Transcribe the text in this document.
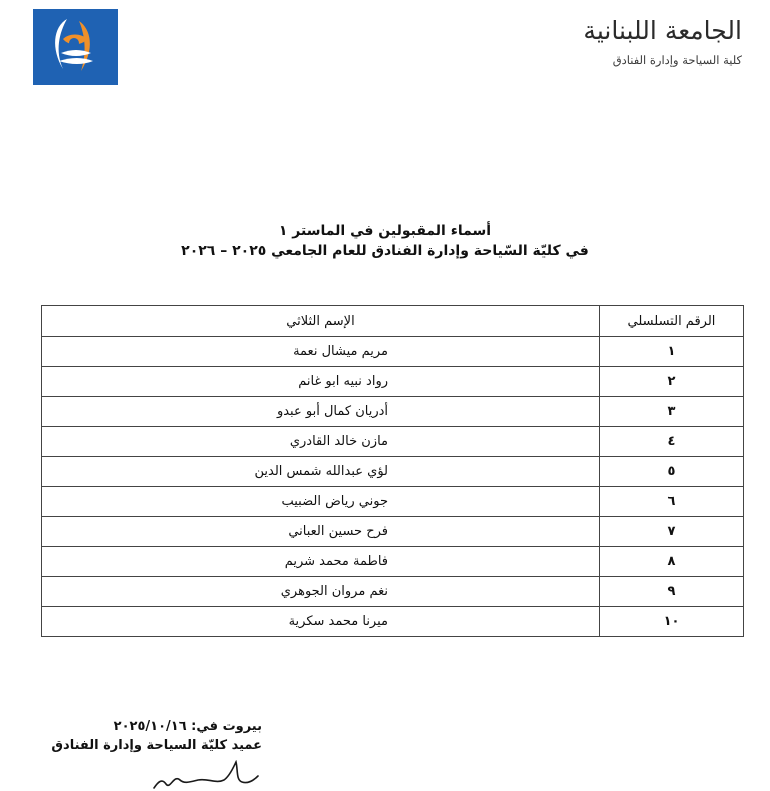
الجامعة اللبنانية
كلية السياحة وإدارة الفنادق
أسماء المقبولين في الماستر ١
في كليّة السّياحة وإدارة الفنادق للعام الجامعي ٢٠٢٥ – ٢٠٢٦
الرقم التسلسلي	الإسم الثلاثي
١	مريم ميشال نعمة
٢	رواد نبيه ابو غانم
٣	أدريان كمال أبو عبدو
٤	مازن خالد القادري
٥	لؤي عبدالله شمس الدين
٦	جوني رياض الضبيب
٧	فرح حسين العباني
٨	فاطمة محمد شريم
٩	نغم مروان الجوهري
١٠	ميرنا محمد سكرية
بيروت في: ٢٠٢٥/١٠/١٦
عميد كليّة السياحة وإدارة الفنادق
